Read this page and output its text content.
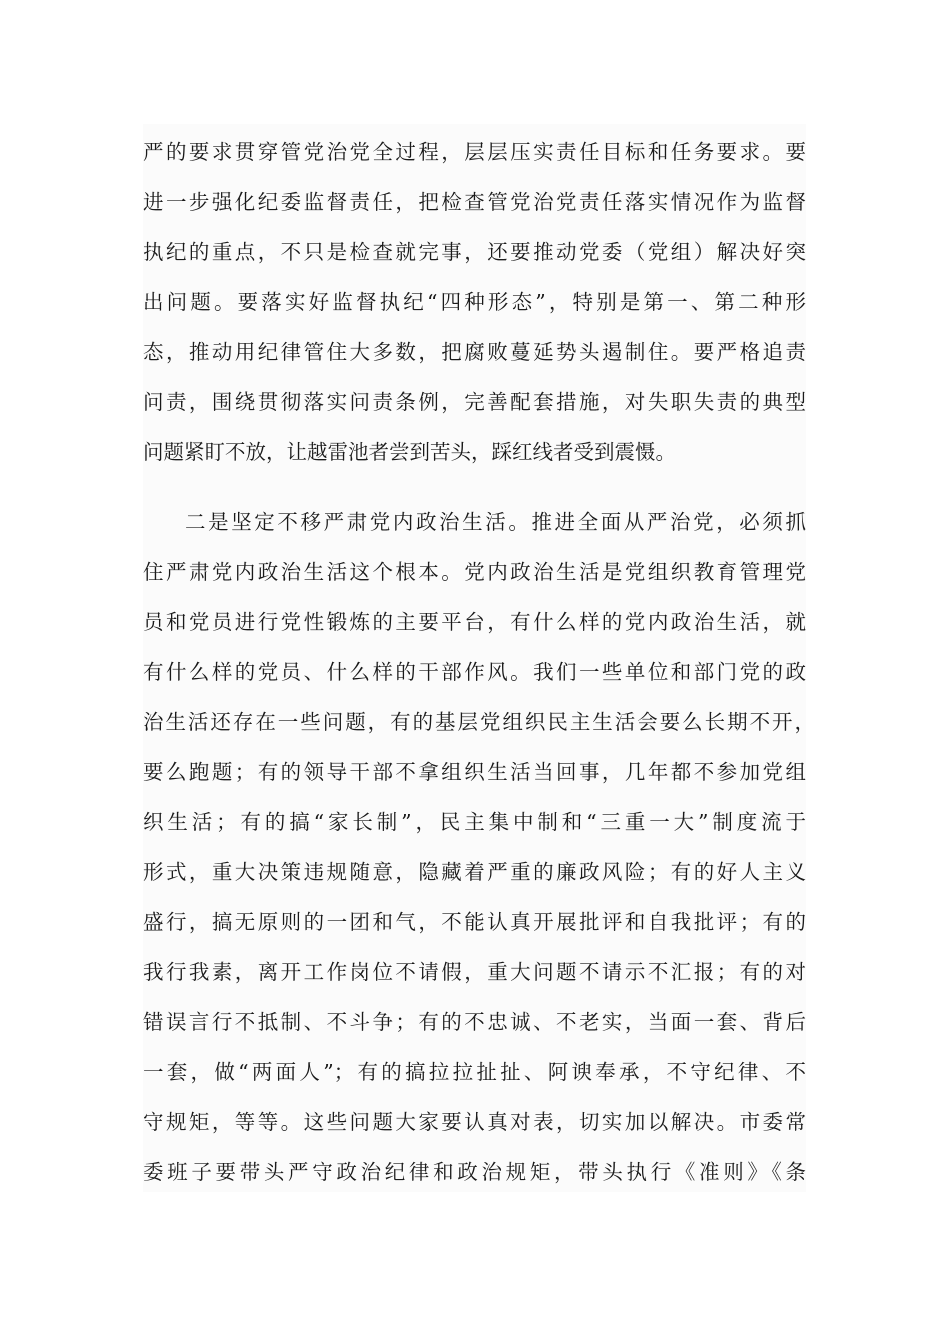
严的要求贯穿管党治党全过程，层层压实责任目标和任务要求。要
进一步强化纪委监督责任，把检查管党治党责任落实情况作为监督
执纪的重点，不只是检查就完事，还要推动党委（党组）解决好突
出问题。要落实好监督执纪“四种形态”，特别是第一、第二种形
态，推动用纪律管住大多数，把腐败蔓延势头遏制住。要严格追责
问责，围绕贯彻落实问责条例，完善配套措施，对失职失责的典型
问题紧盯不放，让越雷池者尝到苦头，踩红线者受到震慑。
二是坚定不移严肃党内政治生活。推进全面从严治党，必须抓
住严肃党内政治生活这个根本。党内政治生活是党组织教育管理党
员和党员进行党性锻炼的主要平台，有什么样的党内政治生活，就
有什么样的党员、什么样的干部作风。我们一些单位和部门党的政
治生活还存在一些问题，有的基层党组织民主生活会要么长期不开，
要么跑题；有的领导干部不拿组织生活当回事，几年都不参加党组
织生活；有的搞“家长制”，民主集中制和“三重一大”制度流于
形式，重大决策违规随意，隐藏着严重的廉政风险；有的好人主义
盛行，搞无原则的一团和气，不能认真开展批评和自我批评；有的
我行我素，离开工作岗位不请假，重大问题不请示不汇报；有的对
错误言行不抵制、不斗争；有的不忠诚、不老实，当面一套、背后
一套，做“两面人”；有的搞拉拉扯扯、阿谀奉承，不守纪律、不
守规矩，等等。这些问题大家要认真对表，切实加以解决。市委常
委班子要带头严守政治纪律和政治规矩，带头执行《准则》《条
